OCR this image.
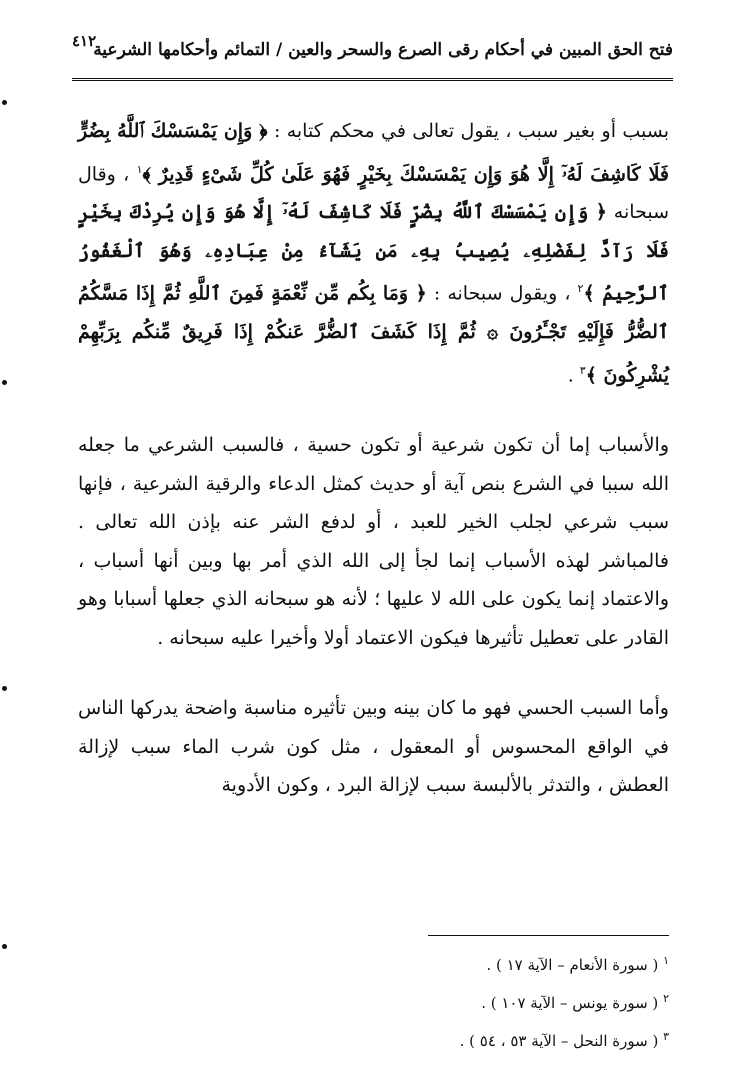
فتح الحق المبين في أحكام رقى الصرع والسحر والعين / التمائم وأحكامها الشرعية
٤١٢

بسبب أو بغير سبب ، يقول تعالى في محكم كتابه : ﴿ وَإِن يَمْسَسْكَ ٱللَّهُ بِضُرٍّ فَلَا كَاشِفَ لَهُۥٓ إِلَّا هُوَ وَإِن يَمْسَسْكَ بِخَيْرٍ فَهُوَ عَلَىٰ كُلِّ شَىْءٍ قَدِيرٌ ﴾$^١$ ، وقال سبحانه ﴿ وَإِن يَمْسَسْكَ ٱللَّهُ بِضُرٍّ فَلَا كَاشِفَ لَهُۥٓ إِلَّا هُوَ وَإِن يُرِدْكَ بِخَيْرٍ فَلَا رَآدَّ لِفَضْلِهِۦ يُصِيبُ بِهِۦ مَن يَشَآءُ مِنْ عِبَادِهِۦ وَهُوَ ٱلْغَفُورُ ٱلرَّحِيمُ ﴾$^٢$ ، ويقول سبحانه : ﴿ وَمَا بِكُم مِّن نِّعْمَةٍ فَمِنَ ٱللَّهِ ثُمَّ إِذَا مَسَّكُمُ ٱلضُّرُّ فَإِلَيْهِ تَجْـَٔرُونَ ۞ ثُمَّ إِذَا كَشَفَ ٱلضُّرَّ عَنكُمْ إِذَا فَرِيقٌ مِّنكُم بِرَبِّهِمْ يُشْرِكُونَ ﴾$^٣$ .

والأسباب إما أن تكون شرعية أو تكون حسية ، فالسبب الشرعي ما جعله الله سببا في الشرع بنص آية أو حديث كمثل الدعاء والرقية الشرعية ، فإنها سبب شرعي لجلب الخير للعبد ، أو لدفع الشر عنه بإذن الله تعالى . فالمباشر لهذه الأسباب إنما لجأ إلى الله الذي أمر بها وبين أنها أسباب ، والاعتماد إنما يكون على الله لا عليها ؛ لأنه هو سبحانه الذي جعلها أسبابا وهو القادر على تعطيل تأثيرها فيكون الاعتماد أولا وأخيرا عليه سبحانه .

وأما السبب الحسي فهو ما كان بينه وبين تأثيره مناسبة واضحة يدركها الناس في الواقع المحسوس أو المعقول ، مثل كون شرب الماء سبب لإزالة العطش ، والتدثر بالألبسة سبب لإزالة البرد ، وكون الأدوية

$^١$ ( سورة الأنعام – الآية ١٧ ) .
$^٢$ ( سورة يونس – الآية ١٠٧ ) .
$^٣$ ( سورة النحل – الآية ٥٣ ، ٥٤ ) .
